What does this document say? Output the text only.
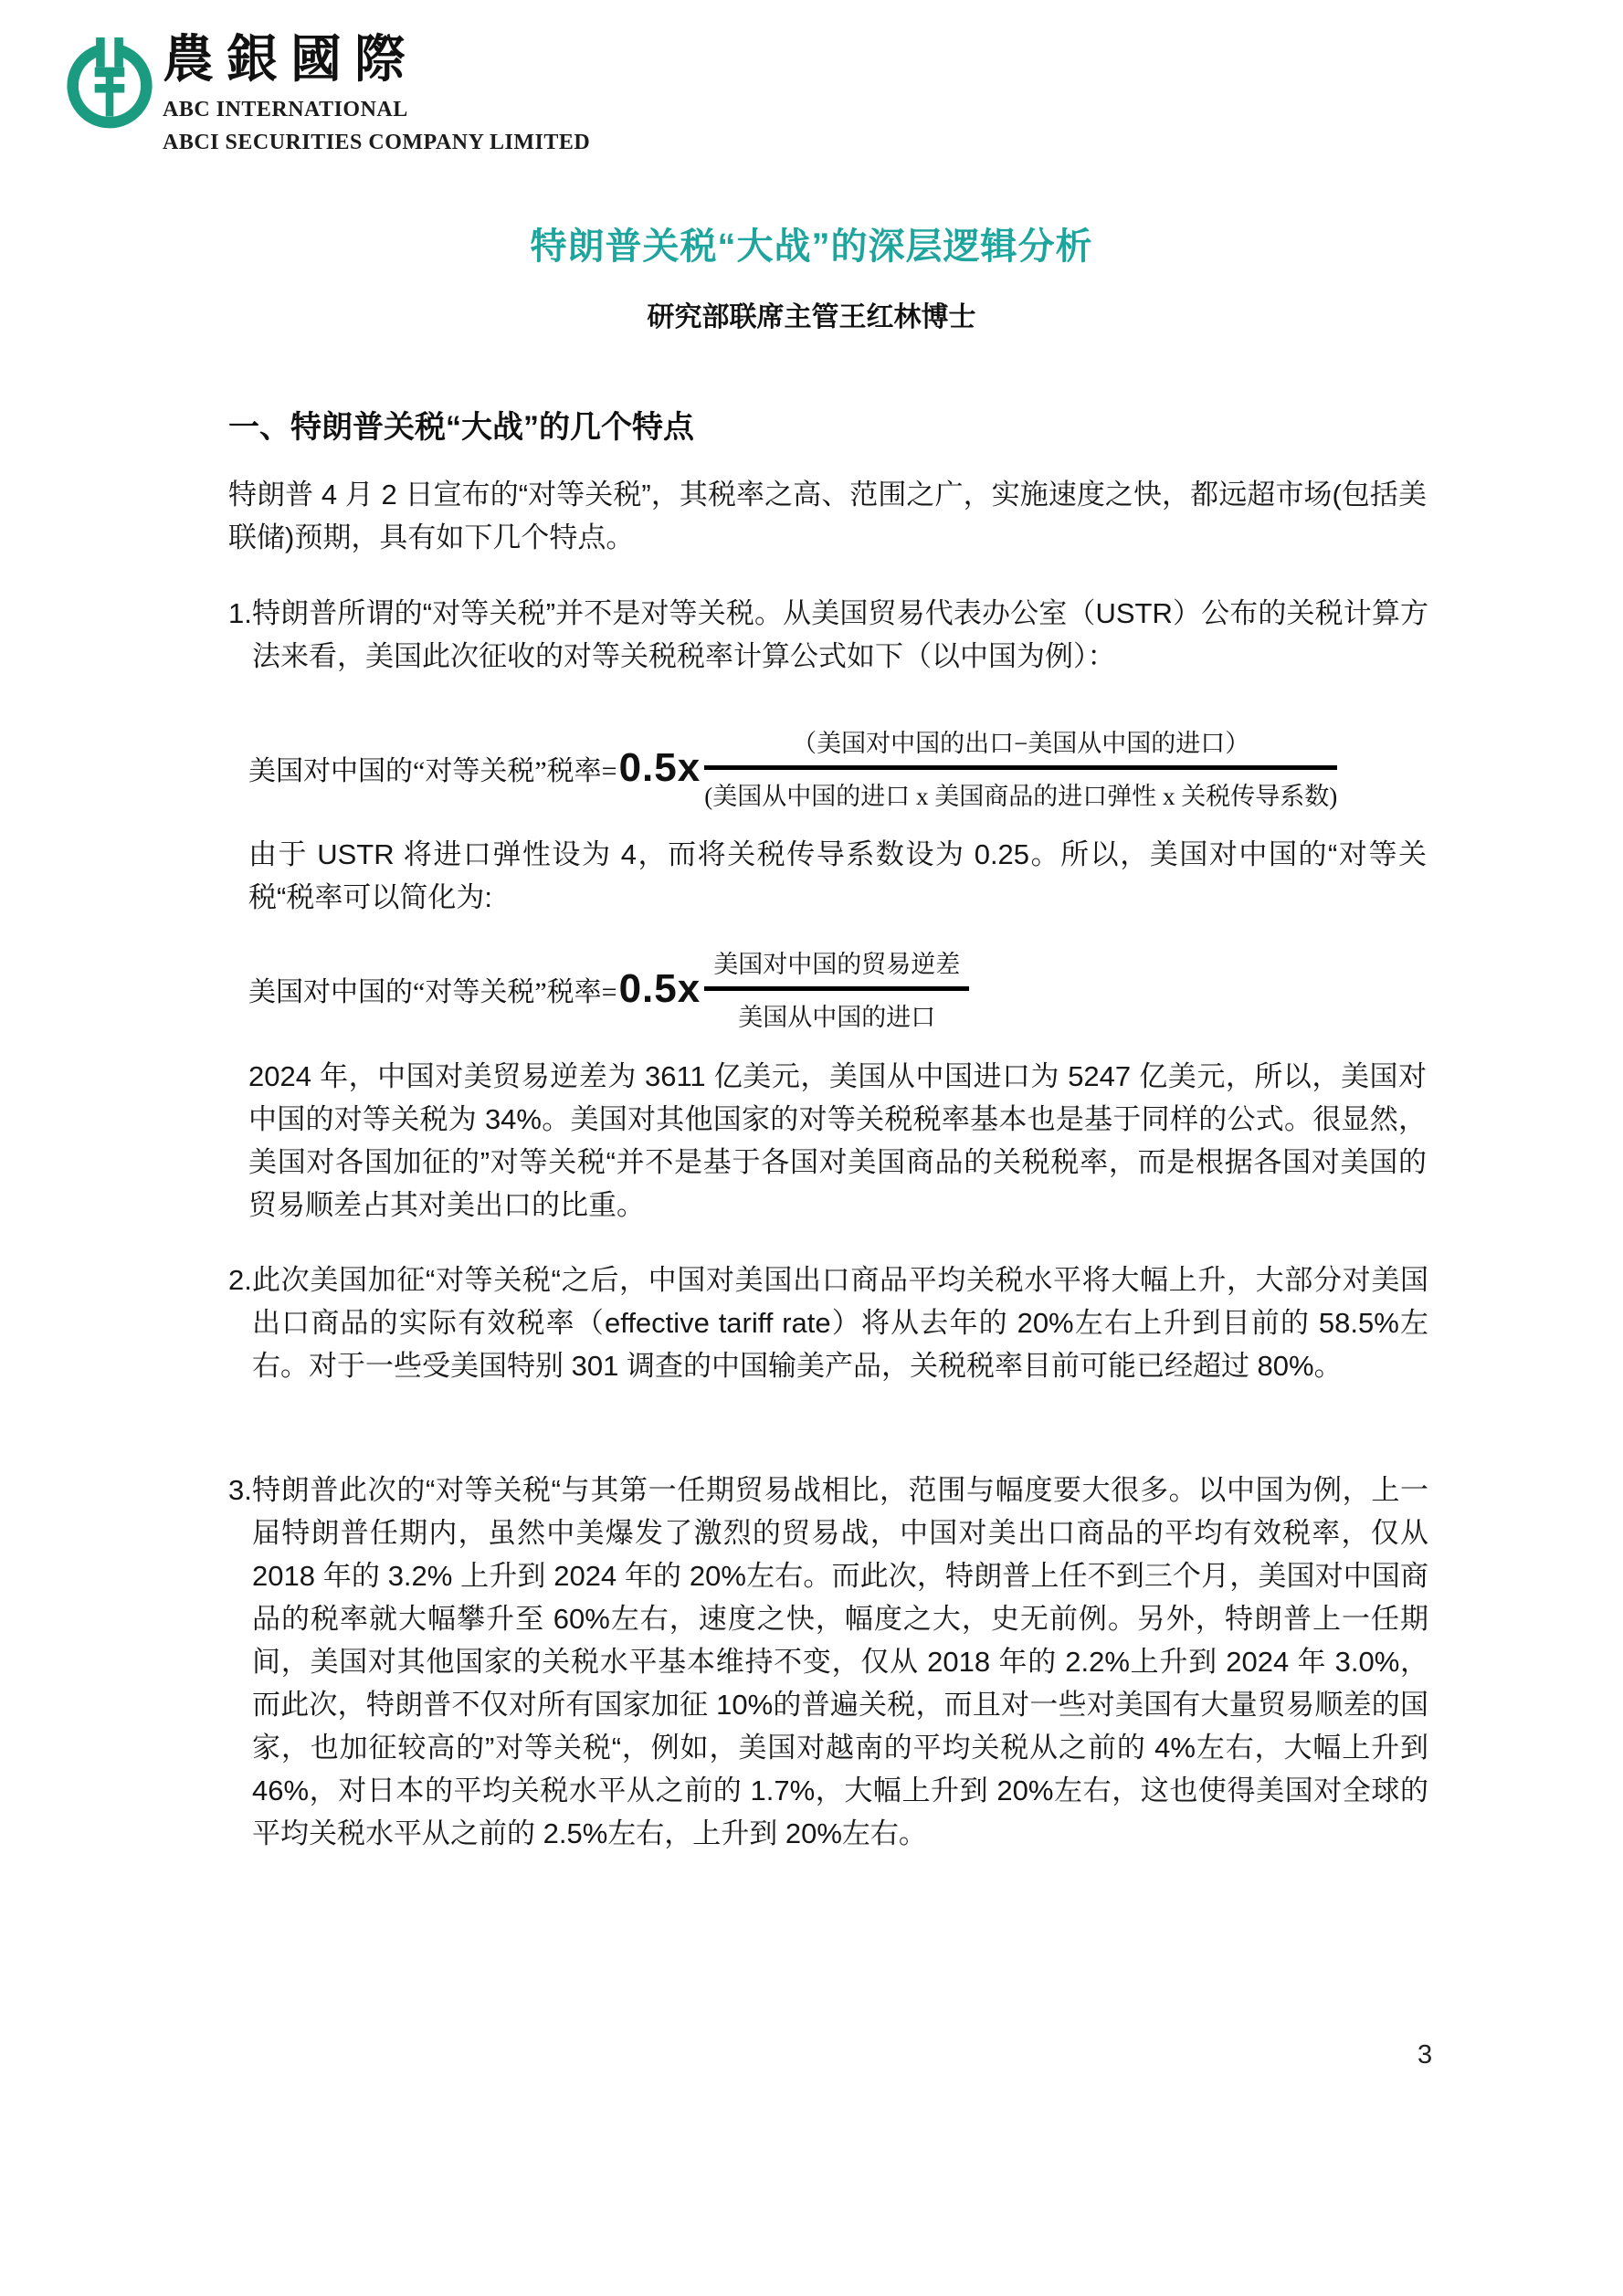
農銀國際
ABC INTERNATIONAL
ABCI SECURITIES COMPANY LIMITED
特朗普关税“大战”的深层逻辑分析
研究部联席主管王红林博士
一、特朗普关税“大战”的几个特点
特朗普 4 月 2 日宣布的“对等关税”，其税率之高、范围之广，实施速度之快，都远超市场(包括美联储)预期，具有如下几个特点。
1. 特朗普所谓的“对等关税”并不是对等关税。从美国贸易代表办公室（USTR）公布的关税计算方法来看，美国此次征收的对等关税税率计算公式如下（以中国为例）：
美国对中国的“对等关税”税率= 0.5x
（美国对中国的出口−美国从中国的进口）
(美国从中国的进口 x 美国商品的进口弹性 x 关税传导系数)
由于 USTR 将进口弹性设为 4，而将关税传导系数设为 0.25。所以，美国对中国的“对等关税“税率可以简化为:
美国对中国的“对等关税”税率= 0.5x
美国对中国的贸易逆差
美国从中国的进口
2024 年，中国对美贸易逆差为 3611 亿美元，美国从中国进口为 5247 亿美元，所以，美国对中国的对等关税为 34%。美国对其他国家的对等关税税率基本也是基于同样的公式。很显然，美国对各国加征的”对等关税“并不是基于各国对美国商品的关税税率，而是根据各国对美国的贸易顺差占其对美出口的比重。
2. 此次美国加征“对等关税“之后，中国对美国出口商品平均关税水平将大幅上升，大部分对美国出口商品的实际有效税率（effective tariff rate）将从去年的 20%左右上升到目前的 58.5%左右。对于一些受美国特别 301 调查的中国输美产品，关税税率目前可能已经超过 80%。
3. 特朗普此次的“对等关税“与其第一任期贸易战相比，范围与幅度要大很多。以中国为例，上一届特朗普任期内，虽然中美爆发了激烈的贸易战，中国对美出口商品的平均有效税率，仅从 2018 年的 3.2% 上升到 2024 年的 20%左右。而此次，特朗普上任不到三个月，美国对中国商品的税率就大幅攀升至 60%左右，速度之快，幅度之大，史无前例。另外，特朗普上一任期间，美国对其他国家的关税水平基本维持不变，仅从 2018 年的 2.2%上升到 2024 年 3.0%，而此次，特朗普不仅对所有国家加征 10%的普遍关税，而且对一些对美国有大量贸易顺差的国家，也加征较高的”对等关税“，例如，美国对越南的平均关税从之前的 4%左右，大幅上升到 46%，对日本的平均关税水平从之前的 1.7%，大幅上升到 20%左右，这也使得美国对全球的平均关税水平从之前的 2.5%左右，上升到 20%左右。
3
